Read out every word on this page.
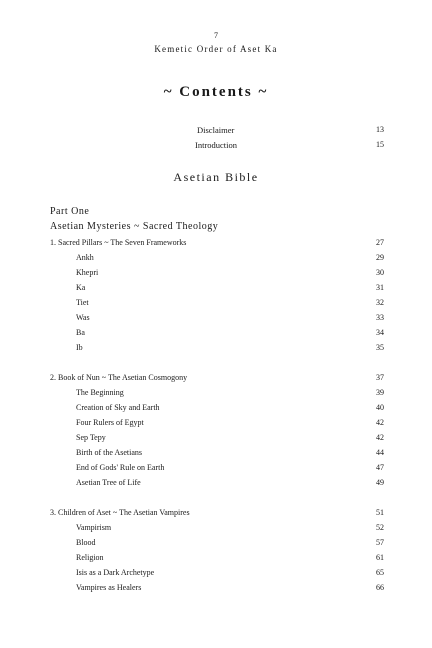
7
Kemetic Order of Aset Ka
~ Contents ~
Disclaimer	13
Introduction	15
Asetian Bible
Part One
Asetian Mysteries ~ Sacred Theology
1. Sacred Pillars ~ The Seven Frameworks	27
Ankh	29
Khepri	30
Ka	31
Tiet	32
Was	33
Ba	34
Ib	35
2. Book of Nun ~ The Asetian Cosmogony	37
The Beginning	39
Creation of Sky and Earth	40
Four Rulers of Egypt	42
Sep Tepy	42
Birth of the Asetians	44
End of Gods' Rule on Earth	47
Asetian Tree of Life	49
3. Children of Aset ~ The Asetian Vampires	51
Vampirism	52
Blood	57
Religion	61
Isis as a Dark Archetype	65
Vampires as Healers	66
